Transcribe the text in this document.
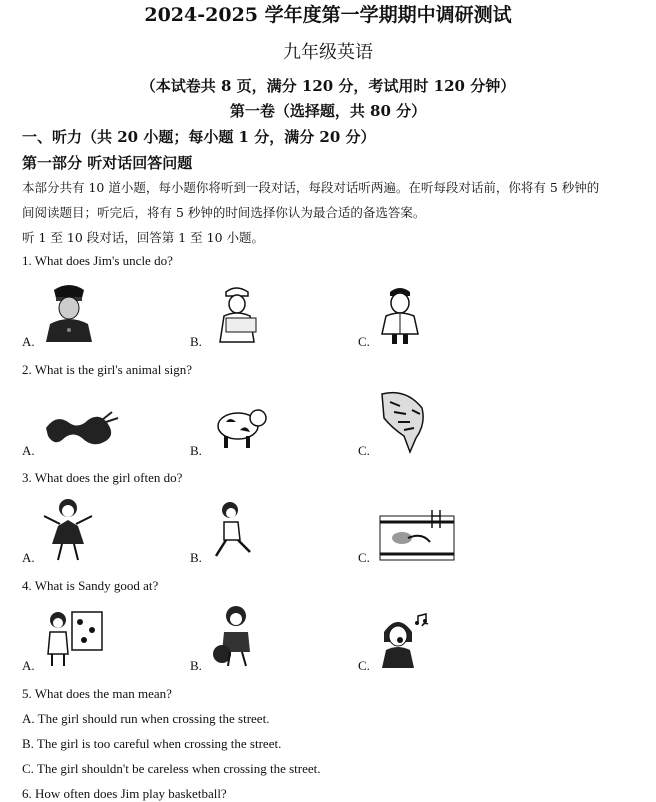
2024-2025 学年度第一学期期中调研测试
九年级英语
（本试卷共 8 页，满分 120 分，考试用时 120 分钟）
第一卷（选择题，共 80 分）
一、听力（共 20 小题；每小题 1 分，满分 20 分）
第一部分 听对话回答问题
本部分共有 10 道小题，每小题你将听到一段对话，每段对话听两遍。在听每段对话前，你将有 5 秒钟的
间阅读题目；听完后，将有 5 秒钟的时间选择你认为最合适的备选答案。
听 1 至 10 段对话，回答第 1 至 10 小题。
1. What does Jim's uncle do?
A.	B.	C.
2. What is the girl's animal sign?
A.	B.	C.
3. What does the girl often do?
A.	B.	C.
4. What is Sandy good at?
A.	B.	C.
5. What does the man mean?
A. The girl should run when crossing the street.
B. The girl is too careful when crossing the street.
C. The girl shouldn't be careless when crossing the street.
6. How often does Jim play basketball?
